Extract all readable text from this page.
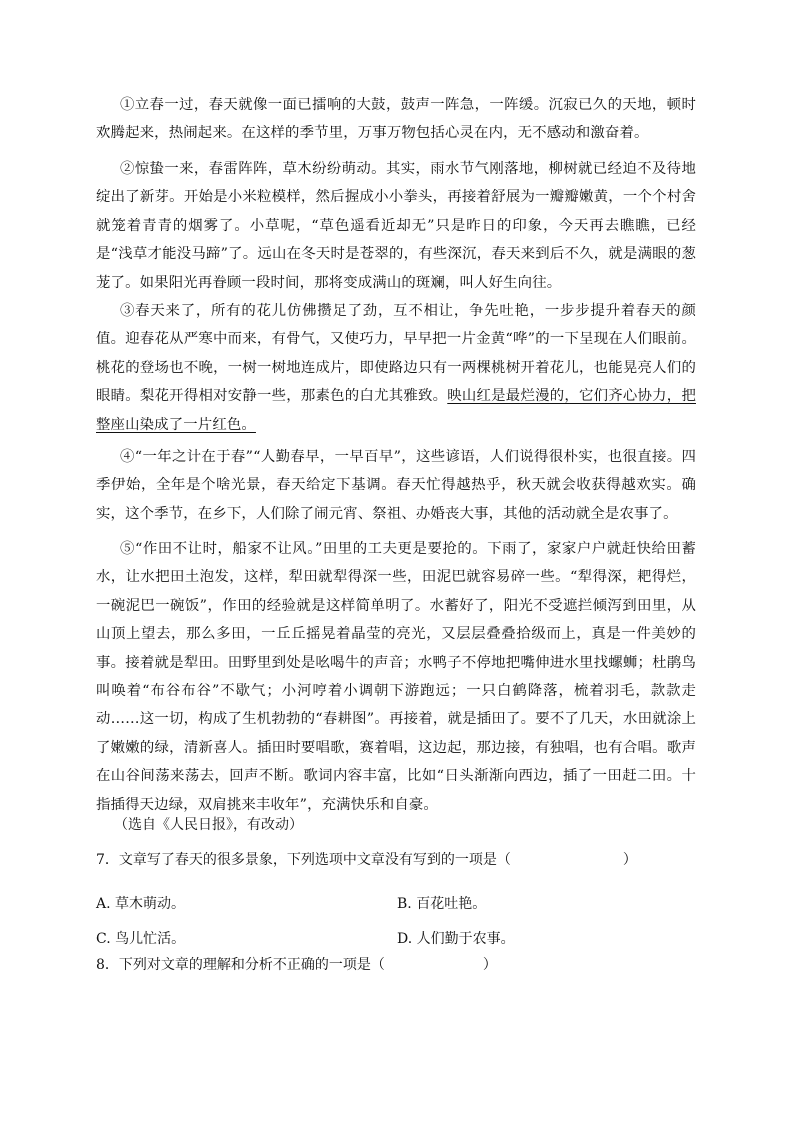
①立春一过，春天就像一面已擂响的大鼓，鼓声一阵急，一阵缓。沉寂已久的天地，顿时欢腾起来，热闹起来。在这样的季节里，万事万物包括心灵在内，无不感动和激奋着。

②惊蛰一来，春雷阵阵，草木纷纷萌动。其实，雨水节气刚落地，柳树就已经迫不及待地绽出了新芽。开始是小米粒模样，然后握成小小拳头，再接着舒展为一瓣瓣嫩黄，一个个村舍就笼着青青的烟雾了。小草呢，“草色遥看近却无”只是昨日的印象，今天再去瞧瞧，已经是“浅草才能没马蹄”了。远山在冬天时是苍翠的，有些深沉，春天来到后不久，就是满眼的葱茏了。如果阳光再眷顾一段时间，那将变成满山的斑斓，叫人好生向往。

③春天来了，所有的花儿仿佛攒足了劲，互不相让，争先吐艳，一步步提升着春天的颜值。迎春花从严寒中而来，有骨气，又使巧力，早早把一片金黄“哗”的一下呈现在人们眼前。桃花的登场也不晚，一树一树地连成片，即使路边只有一两棵桃树开着花儿，也能晃亮人们的眼睛。梨花开得相对安静一些，那素色的白尤其雅致。映山红是最烂漫的，它们齐心协力，把整座山染成了一片红色。

④“一年之计在于春”“人勤春早，一早百早”，这些谚语，人们说得很朴实，也很直接。四季伊始，全年是个啥光景，春天给定下基调。春天忙得越热乎，秋天就会收获得越欢实。确实，这个季节，在乡下，人们除了闹元宵、祭祖、办婚丧大事，其他的活动就全是农事了。

⑤“作田不让时，船家不让风。”田里的工夫更是要抢的。下雨了，家家户户就赶快给田蓄水，让水把田土泡发，这样，犁田就犁得深一些，田泥巴就容易碎一些。“犁得深，耙得烂，一碗泥巴一碗饭”，作田的经验就是这样简单明了。水蓄好了，阳光不受遮拦倾泻到田里，从山顶上望去，那么多田，一丘丘摇晃着晶莹的亮光，又层层叠叠拾级而上，真是一件美妙的事。接着就是犁田。田野里到处是吆喝牛的声音；水鸭子不停地把嘴伸进水里找螺蛳；杜鹃鸟叫唤着“布谷布谷”不歇气；小河哼着小调朝下游跑远；一只白鹤降落，梳着羽毛，款款走动……这一切，构成了生机勃勃的“春耕图”。再接着，就是插田了。要不了几天，水田就涂上了嫩嫩的绿，清新喜人。插田时要唱歌，赛着唱，这边起，那边接，有独唱，也有合唱。歌声在山谷间荡来荡去，回声不断。歌词内容丰富，比如“日头渐渐向西边，插了一田赶二田。十指插得天边绿，双肩挑来丰收年”，充满快乐和自豪。

（选自《人民日报》，有改动）

7．文章写了春天的很多景象，下列选项中文章没有写到的一项是（　　　　　　　　）

A. 草木萌动。	B. 百花吐艳。

C. 鸟儿忙活。	D. 人们勤于农事。

8．下列对文章的理解和分析不正确的一项是（　　　　　　　）
